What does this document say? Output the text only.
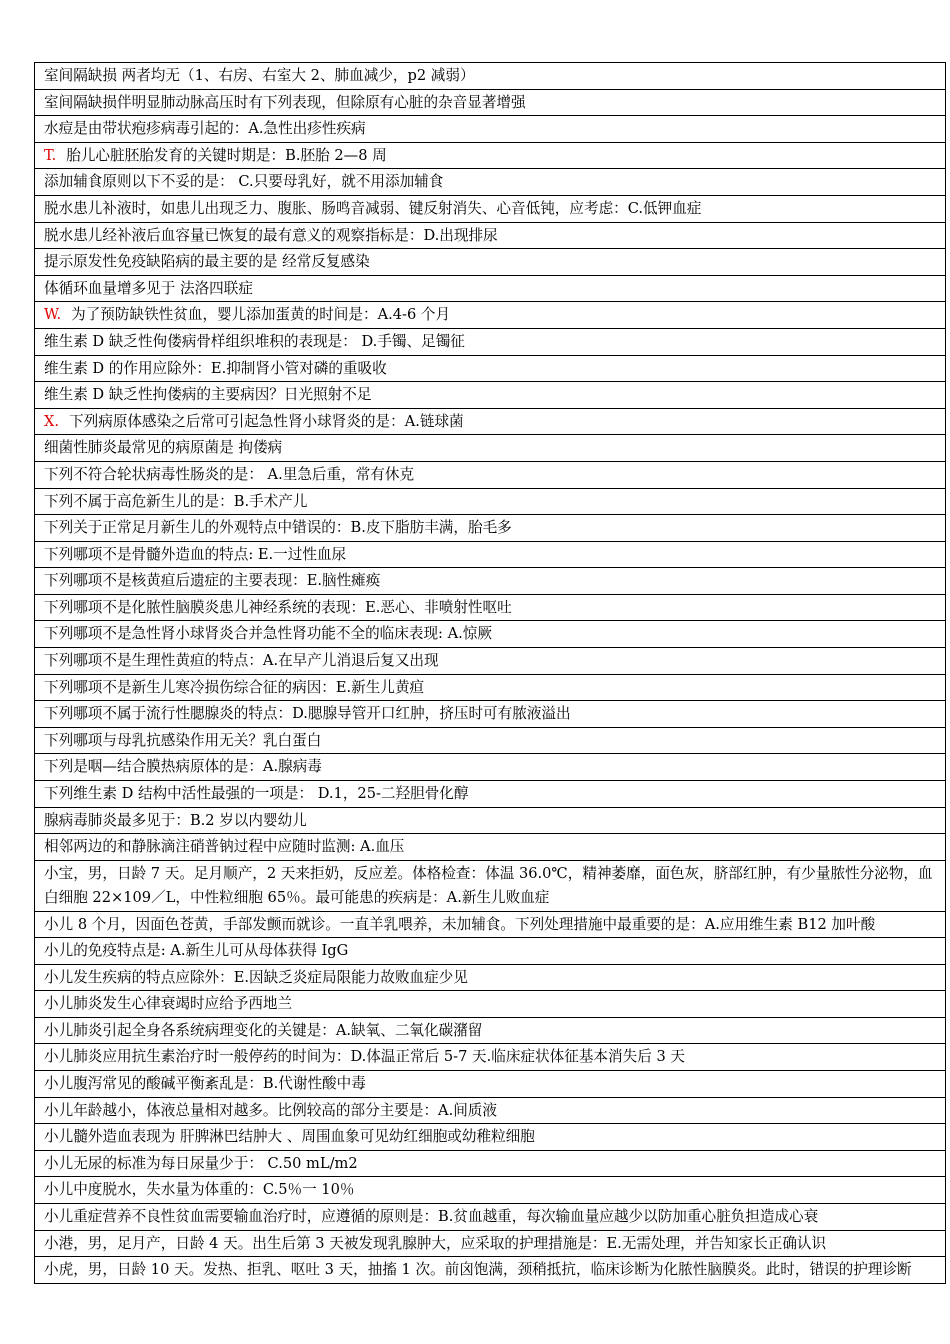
室间隔缺损 两者均无（1、右房、右室大 2、肺血减少，p2 减弱）
室间隔缺损伴明显肺动脉高压时有下列表现，但除原有心脏的杂音显著增强
水痘是由带状疱疹病毒引起的：A.急性出疹性疾病
T. 胎儿心脏胚胎发育的关键时期是：B.胚胎 2—8 周
添加辅食原则以下不妥的是： C.只要母乳好，就不用添加辅食
脱水患儿补液时，如患儿出现乏力、腹胀、肠鸣音减弱、键反射消失、心音低钝，应考虑：C.低钾血症
脱水患儿经补液后血容量已恢复的最有意义的观察指标是：D.出现排尿
提示原发性免疫缺陷病的最主要的是 经常反复感染
体循环血量增多见于 法洛四联症
W. 为了预防缺铁性贫血，婴儿添加蛋黄的时间是：A.4-6 个月
维生素 D 缺乏性佝偻病骨样组织堆积的表现是： D.手镯、足镯征
维生素 D 的作用应除外：E.抑制肾小管对磷的重吸收
维生素 D 缺乏性拘偻病的主要病因？日光照射不足
X. 下列病原体感染之后常可引起急性肾小球肾炎的是：A.链球菌
细菌性肺炎最常见的病原菌是 拘偻病
下列不符合轮状病毒性肠炎的是： A.里急后重，常有休克
下列不属于高危新生儿的是：B.手术产儿
下列关于正常足月新生儿的外观特点中错误的：B.皮下脂肪丰满，胎毛多
下列哪项不是骨髓外造血的特点: E.一过性血尿
下列哪项不是核黄疸后遗症的主要表现：E.脑性瘫痪
下列哪项不是化脓性脑膜炎患儿神经系统的表现：E.恶心、非喷射性呕吐
下列哪项不是急性肾小球肾炎合并急性肾功能不全的临床表现: A.惊厥
下列哪项不是生理性黄疸的特点：A.在早产儿消退后复又出现
下列哪项不是新生儿寒冷损伤综合征的病因：E.新生儿黄疸
下列哪项不属于流行性腮腺炎的特点：D.腮腺导管开口红肿，挤压时可有脓液溢出
下列哪项与母乳抗感染作用无关？乳白蛋白
下列是咽—结合膜热病原体的是：A.腺病毒
下列维生素 D 结构中活性最强的一项是： D.1，25-二羟胆骨化醇
腺病毒肺炎最多见于：B.2 岁以内婴幼儿
相邻两边的和静脉滴注硝普钠过程中应随时监测: A.血压
小宝，男，日龄 7 天。足月顺产，2 天来拒奶，反应差。体格检查：体温 36.0℃，精神萎靡，面色灰，脐部红肿，有少量脓性分泌物，血白细胞 22×109／L，中性粒细胞 65％。最可能患的疾病是：A.新生儿败血症
小儿 8 个月，因面色苍黄，手部发颤而就诊。一直羊乳喂养，未加辅食。下列处理措施中最重要的是：A.应用维生素 B12 加叶酸
小儿的免疫特点是: A.新生儿可从母体获得 IgG
小儿发生疾病的特点应除外：E.因缺乏炎症局限能力故败血症少见
小儿肺炎发生心律衰竭时应给予西地兰
小儿肺炎引起全身各系统病理变化的关键是：A.缺氧、二氧化碳潴留
小儿肺炎应用抗生素治疗时一般停药的时间为：D.体温正常后 5-7 天.临床症状体征基本消失后 3 天
小儿腹泻常见的酸碱平衡紊乱是：B.代谢性酸中毒
小儿年龄越小，体液总量相对越多。比例较高的部分主要是：A.间质液
小儿髓外造血表现为 肝脾淋巴结肿大 、周围血象可见幼红细胞或幼稚粒细胞
小儿无尿的标准为每日尿量少于： C.50 mL/m2
小儿中度脱水，失水量为体重的：C.5％一 10％
小儿重症营养不良性贫血需要输血治疗时，应遵循的原则是：B.贫血越重，每次输血量应越少以防加重心脏负担造成心衰
小港，男，足月产，日龄 4 天。出生后第 3 天被发现乳腺肿大，应采取的护理措施是：E.无需处理，并告知家长正确认识
小虎，男，日龄 10 天。发热、拒乳、呕吐 3 天，抽搐 1 次。前囟饱满，颈稍抵抗，临床诊断为化脓性脑膜炎。此时，错误的护理诊断
